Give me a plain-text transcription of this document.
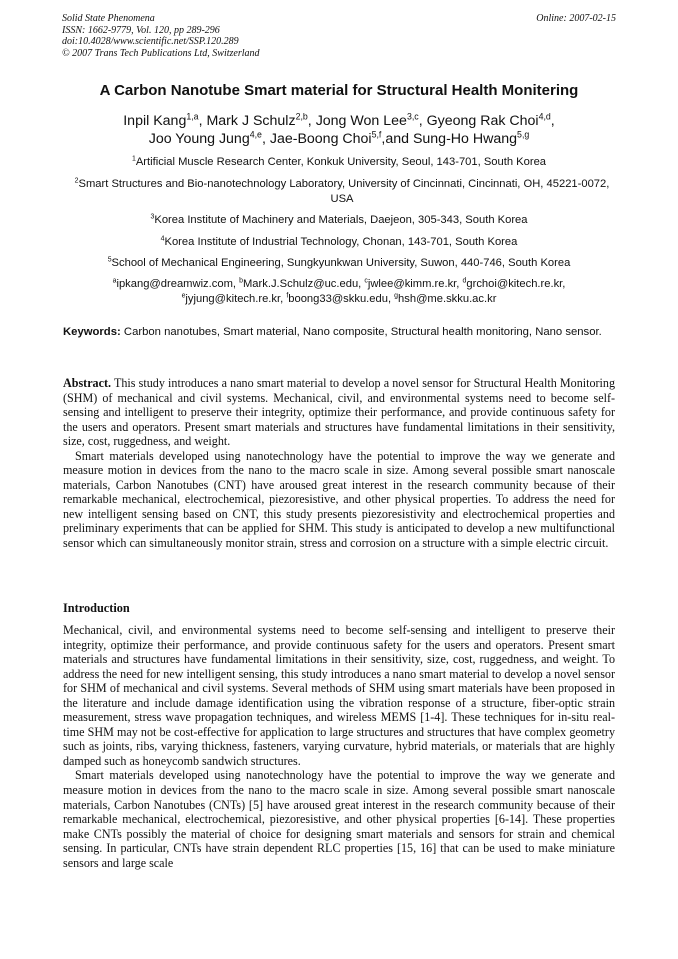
Solid State Phenomena
ISSN: 1662-9779, Vol. 120, pp 289-296
doi:10.4028/www.scientific.net/SSP.120.289
© 2007 Trans Tech Publications Ltd, Switzerland
Online: 2007-02-15
A Carbon Nanotube Smart material for Structural Health Monitering
Inpil Kang$^{1,a}$, Mark J Schulz$^{2,b}$, Jong Won Lee$^{3,c}$, Gyeong Rak Choi$^{4,d}$,
Joo Young Jung$^{4,e}$, Jae-Boong Choi$^{5,f}$,and Sung-Ho Hwang$^{5,g}$
$^1$Artificial Muscle Research Center, Konkuk University, Seoul, 143-701, South Korea
$^2$Smart Structures and Bio-nanotechnology Laboratory, University of Cincinnati, Cincinnati, OH, 45221-0072, USA
$^3$Korea Institute of Machinery and Materials, Daejeon, 305-343, South Korea
$^4$Korea Institute of Industrial Technology, Chonan, 143-701, South Korea
$^5$School of Mechanical Engineering, Sungkyunkwan University, Suwon, 440-746, South Korea
$^a$ipkang@dreamwiz.com, $^b$Mark.J.Schulz@uc.edu, $^c$jwlee@kimm.re.kr, $^d$grchoi@kitech.re.kr,
$^e$jyjung@kitech.re.kr, $^f$boong33@skku.edu, $^g$hsh@me.skku.ac.kr
Keywords: Carbon nanotubes, Smart material, Nano composite, Structural health monitoring, Nano sensor.

Abstract. This study introduces a nano smart material to develop a novel sensor for Structural Health Monitoring (SHM) of mechanical and civil systems. Mechanical, civil, and environmental systems need to become self-sensing and intelligent to preserve their integrity, optimize their performance, and provide continuous safety for the users and operators. Present smart materials and structures have fundamental limitations in their sensitivity, size, cost, ruggedness, and weight.

Smart materials developed using nanotechnology have the potential to improve the way we generate and measure motion in devices from the nano to the macro scale in size. Among several possible smart nanoscale materials, Carbon Nanotubes (CNT) have aroused great interest in the research community because of their remarkable mechanical, electrochemical, piezoresistive, and other physical properties. To address the need for new intelligent sensing based on CNT, this study presents piezoresistivity and electrochemical properties and preliminary experiments that can be applied for SHM. This study is anticipated to develop a new multifunctional sensor which can simultaneously monitor strain, stress and corrosion on a structure with a simple electric circuit.

Introduction

Mechanical, civil, and environmental systems need to become self-sensing and intelligent to preserve their integrity, optimize their performance, and provide continuous safety for the users and operators. Present smart materials and structures have fundamental limitations in their sensitivity, size, cost, ruggedness, and weight. To address the need for new intelligent sensing, this study introduces a nano smart material to develop a novel sensor for SHM of mechanical and civil systems. Several methods of SHM using smart materials have been proposed in the literature and include damage identification using the vibration response of a structure, fiber-optic strain measurement, stress wave propagation techniques, and wireless MEMS [1-4]. These techniques for in-situ real-time SHM may not be cost-effective for application to large structures and structures that have complex geometry such as joints, ribs, varying thickness, fasteners, varying curvature, hybrid materials, or materials that are highly damped such as honeycomb sandwich structures.

Smart materials developed using nanotechnology have the potential to improve the way we generate and measure motion in devices from the nano to the macro scale in size. Among several possible smart nanoscale materials, Carbon Nanotubes (CNTs) [5] have aroused great interest in the research community because of their remarkable mechanical, electrochemical, piezoresistive, and other physical properties [6-14]. These properties make CNTs possibly the material of choice for designing smart materials and sensors for strain and chemical sensing. In particular, CNTs have strain dependent RLC properties [15, 16] that can be used to make miniature sensors and large scale
